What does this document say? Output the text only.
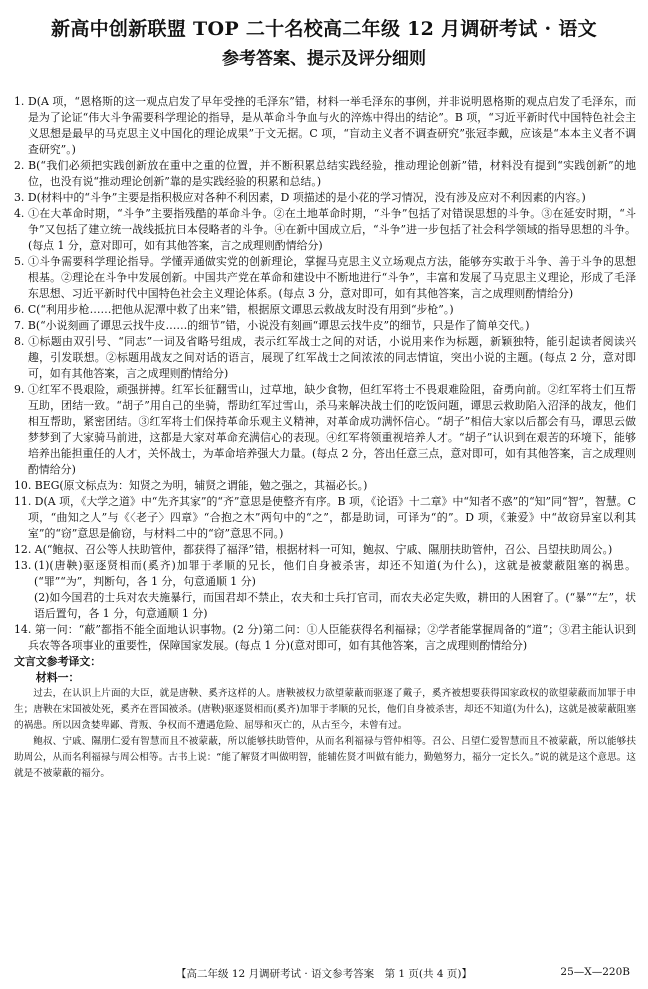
新高中创新联盟 TOP 二十名校高二年级 12 月调研考试 · 语文
参考答案、提示及评分细则

1. D(A 项，“恩格斯的这一观点启发了早年受挫的毛泽东”错，材料一举毛泽东的事例，并非说明恩格斯的观点启发了毛泽东，而是为了论证“伟大斗争需要科学理论的指导，是从革命斗争血与火的淬炼中得出的结论”。B 项，“习近平新时代中国特色社会主义思想是最早的马克思主义中国化的理论成果”于文无据。C 项，“盲动主义者不调查研究”张冠李戴，应该是“本本主义者不调查研究”。)

2. B(“我们必须把实践创新放在重中之重的位置，并不断积累总结实践经验，推动理论创新”错，材料没有提到“实践创新”的地位，也没有说“推动理论创新”靠的是实践经验的积累和总结。)

3. D(材料中的“斗争”主要是指积极应对各种不利因素，D 项描述的是小花的学习情况，没有涉及应对不利因素的内容。)

4. ①在大革命时期，“斗争”主要指残酷的革命斗争。②在土地革命时期，“斗争”包括了对错误思想的斗争。③在延安时期，“斗争”又包括了建立统一战线抵抗日本侵略者的斗争。④在新中国成立后，“斗争”进一步包括了社会科学领域的指导思想的斗争。(每点 1 分，意对即可，如有其他答案，言之成理则酌情给分)

5. ①斗争需要科学理论指导。学懂弄通做实党的创新理论，掌握马克思主义立场观点方法，能够夯实敢于斗争、善于斗争的思想根基。②理论在斗争中发展创新。中国共产党在革命和建设中不断地进行“斗争”，丰富和发展了马克思主义理论，形成了毛泽东思想、习近平新时代中国特色社会主义理论体系。(每点 3 分，意对即可，如有其他答案，言之成理则酌情给分)

6. C(“利用步枪……把他从泥潭中救了出来”错，根据原文谭思云救战友时没有用到“步枪”。)

7. B(“小说刻画了谭思云找牛皮……的细节”错，小说没有刻画“谭思云找牛皮”的细节，只是作了简单交代。)

8. ①标题由双引号、“同志”一词及省略号组成，表示红军战士之间的对话，小说用来作为标题，新颖独特，能引起读者阅读兴趣，引发联想。②标题用战友之间对话的语言，展现了红军战士之间浓浓的同志情谊，突出小说的主题。(每点 2 分，意对即可，如有其他答案，言之成理则酌情给分)

9. ①红军不畏艰险，顽强拼搏。红军长征翻雪山，过草地，缺少食物，但红军将士不畏艰难险阻，奋勇向前。②红军将士们互帮互助，团结一致。“胡子”用自己的坐骑，帮助红军过雪山，杀马来解决战士们的吃饭问题，谭思云救助陷入沼泽的战友，他们相互帮助，紧密团结。③红军将士们保持革命乐观主义精神，对革命成功满怀信心。“胡子”相信大家以后都会有马，谭思云做梦梦到了大家骑马前进，这都是大家对革命充满信心的表现。④红军将领重视培养人才。“胡子”认识到在艰苦的环境下，能够培养出能担重任的人才，关怀战士，为革命培养强大力量。(每点 2 分，答出任意三点，意对即可，如有其他答案，言之成理则酌情给分)

10. BEG(原文标点为：知贤之为明，辅贤之谓能，勉之强之，其福必长。)

11. D(A 项，《大学之道》中“先齐其家”的“齐”意思是使整齐有序。B 项，《论语》十二章》中“知者不惑”的“知”同“智”，智慧。C 项，“曲知之人”与《〈老子〉四章》“合抱之木”两句中的“之”，都是助词，可译为“的”。D 项，《兼爱》中“故窃异室以利其室”的“窃”意思是偷窃，与材料二中的“窃”意思不同。)

12. A(“鲍叔、召公等人扶助管仲，都获得了福泽”错，根据材料一可知，鲍叔、宁戚、隰朋扶助管仲，召公、吕望扶助周公。)

13. (1)(唐鞅)驱逐贤相而(奚齐)加罪于孝顺的兄长，他们自身被杀害，却还不知道(为什么)，这就是被蒙蔽阻塞的祸患。(“罪”“为”，判断句，各 1 分，句意通顺 1 分)

(2)如今国君的士兵对农夫施暴行，而国君却不禁止，农夫和士兵打官司，而农夫必定失败，耕田的人困窘了。(“暴”“左”，状语后置句，各 1 分，句意通顺 1 分)

14. 第一问：“蔽”都指不能全面地认识事物。(2 分)第二问：①人臣能获得名利福禄；②学者能掌握周备的“道”；③君主能认识到兵农等各项事业的重要性，保障国家发展。(每点 1 分)(意对即可，如有其他答案，言之成理则酌情给分)

文言文参考译文：

材料一：

过去，在认识上片面的大臣，就是唐鞅、奚齐这样的人。唐鞅被权力欲望蒙蔽而驱逐了戴子，奚齐被想要获得国家政权的欲望蒙蔽而加罪于申生；唐鞅在宋国被处死，奚齐在晋国被杀。(唐鞅)驱逐贤相而(奚齐)加罪于孝顺的兄长，他们自身被杀害，却还不知道(为什么)，这就是被蒙蔽阻塞的祸患。所以因贪婪卑鄙、背叛、争权而不遭遇危险、屈辱和灭亡的，从古至今，未曾有过。

鲍叔、宁戚、隰朋仁爱有智慧而且不被蒙蔽，所以能够扶助管仲，从而名利福禄与管仲相等。召公、吕望仁爱智慧而且不被蒙蔽，所以能够扶助周公，从而名利福禄与周公相等。古书上说：“能了解贤才叫做明智，能辅佐贤才叫做有能力，勤勉努力，福分一定长久。”说的就是这个意思。这就是不被蒙蔽的福分。

【高二年级 12 月调研考试 · 语文参考答案　第 1 页(共 4 页)】	25—X—220B
